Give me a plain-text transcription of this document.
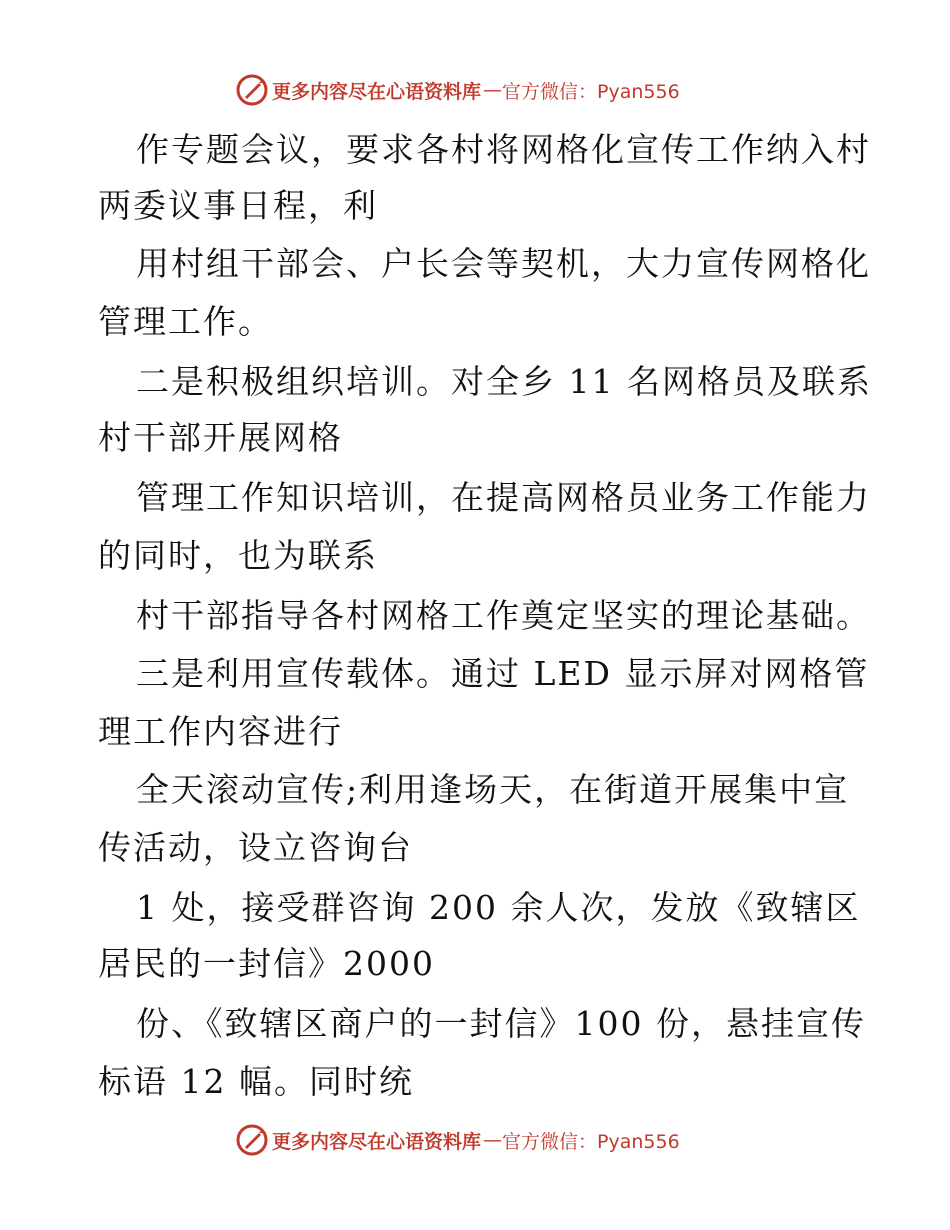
更多内容尽在心语资料库 — 官方微信：Pyan556
作专题会议，要求各村将网格化宣传工作纳入村
两委议事日程，利
用村组干部会、户长会等契机，大力宣传网格化
管理工作。
二是积极组织培训。对全乡 11 名网格员及联系
村干部开展网格
管理工作知识培训，在提高网格员业务工作能力
的同时，也为联系
村干部指导各村网格工作奠定坚实的理论基础。
三是利用宣传载体。通过 LED 显示屏对网格管
理工作内容进行
全天滚动宣传;利用逢场天，在街道开展集中宣
传活动，设立咨询台
1 处，接受群咨询 200 余人次，发放《致辖区
居民的一封信》2000
份、《致辖区商户的一封信》100 份，悬挂宣传
标语 12 幅。同时统
更多内容尽在心语资料库 — 官方微信：Pyan556
